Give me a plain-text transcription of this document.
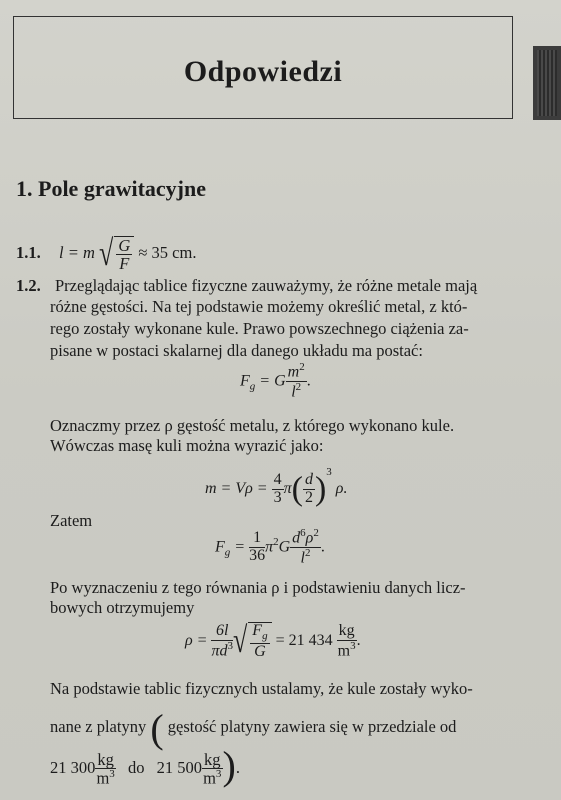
Odpowiedzi
1. Pole grawitacyjne
1.1. l = m √ $\frac{G}{F} \approx 35$ cm.
1.2. Przeglądając tablice fizyczne zauważymy, że różne metale mają
różne gęstości. Na tej podstawie możemy określić metal, z któ-
rego zostały wykonane kule. Prawo powszechnego ciążenia za-
pisane w postaci skalarnej dla danego układu ma postać:
$F_g = G \frac{m^2}{l^2}$ .
Oznaczmy przez ρ gęstość metalu, z którego wykonano kule.
Wówczas masę kuli można wyrazić jako:
$m = V\rho = \frac{4}{3} \pi( \frac{d}{2} )^3$ ρ.
Zatem
$F_g = \frac{1}{36} \pi^2G \frac{d^6\rho^2}{l^2}$ .
Po wyznaczeniu z tego równania ρ i podstawieniu danych licz-
bowych otrzymujemy
$\rho = \frac{6l}{\pi d^3}$ √ $\frac{F_g}{G} = 21$ $434 \frac{kg}{m^3}$ .
Na podstawie tablic fizycznych ustalamy, że kule zostały wyko-
nane z platyny ( gęstość platyny zawiera się w przedziale od
21 $300 \frac{kg}{m^3}$ do 21 $500 \frac{kg}{m^3}$ ).
